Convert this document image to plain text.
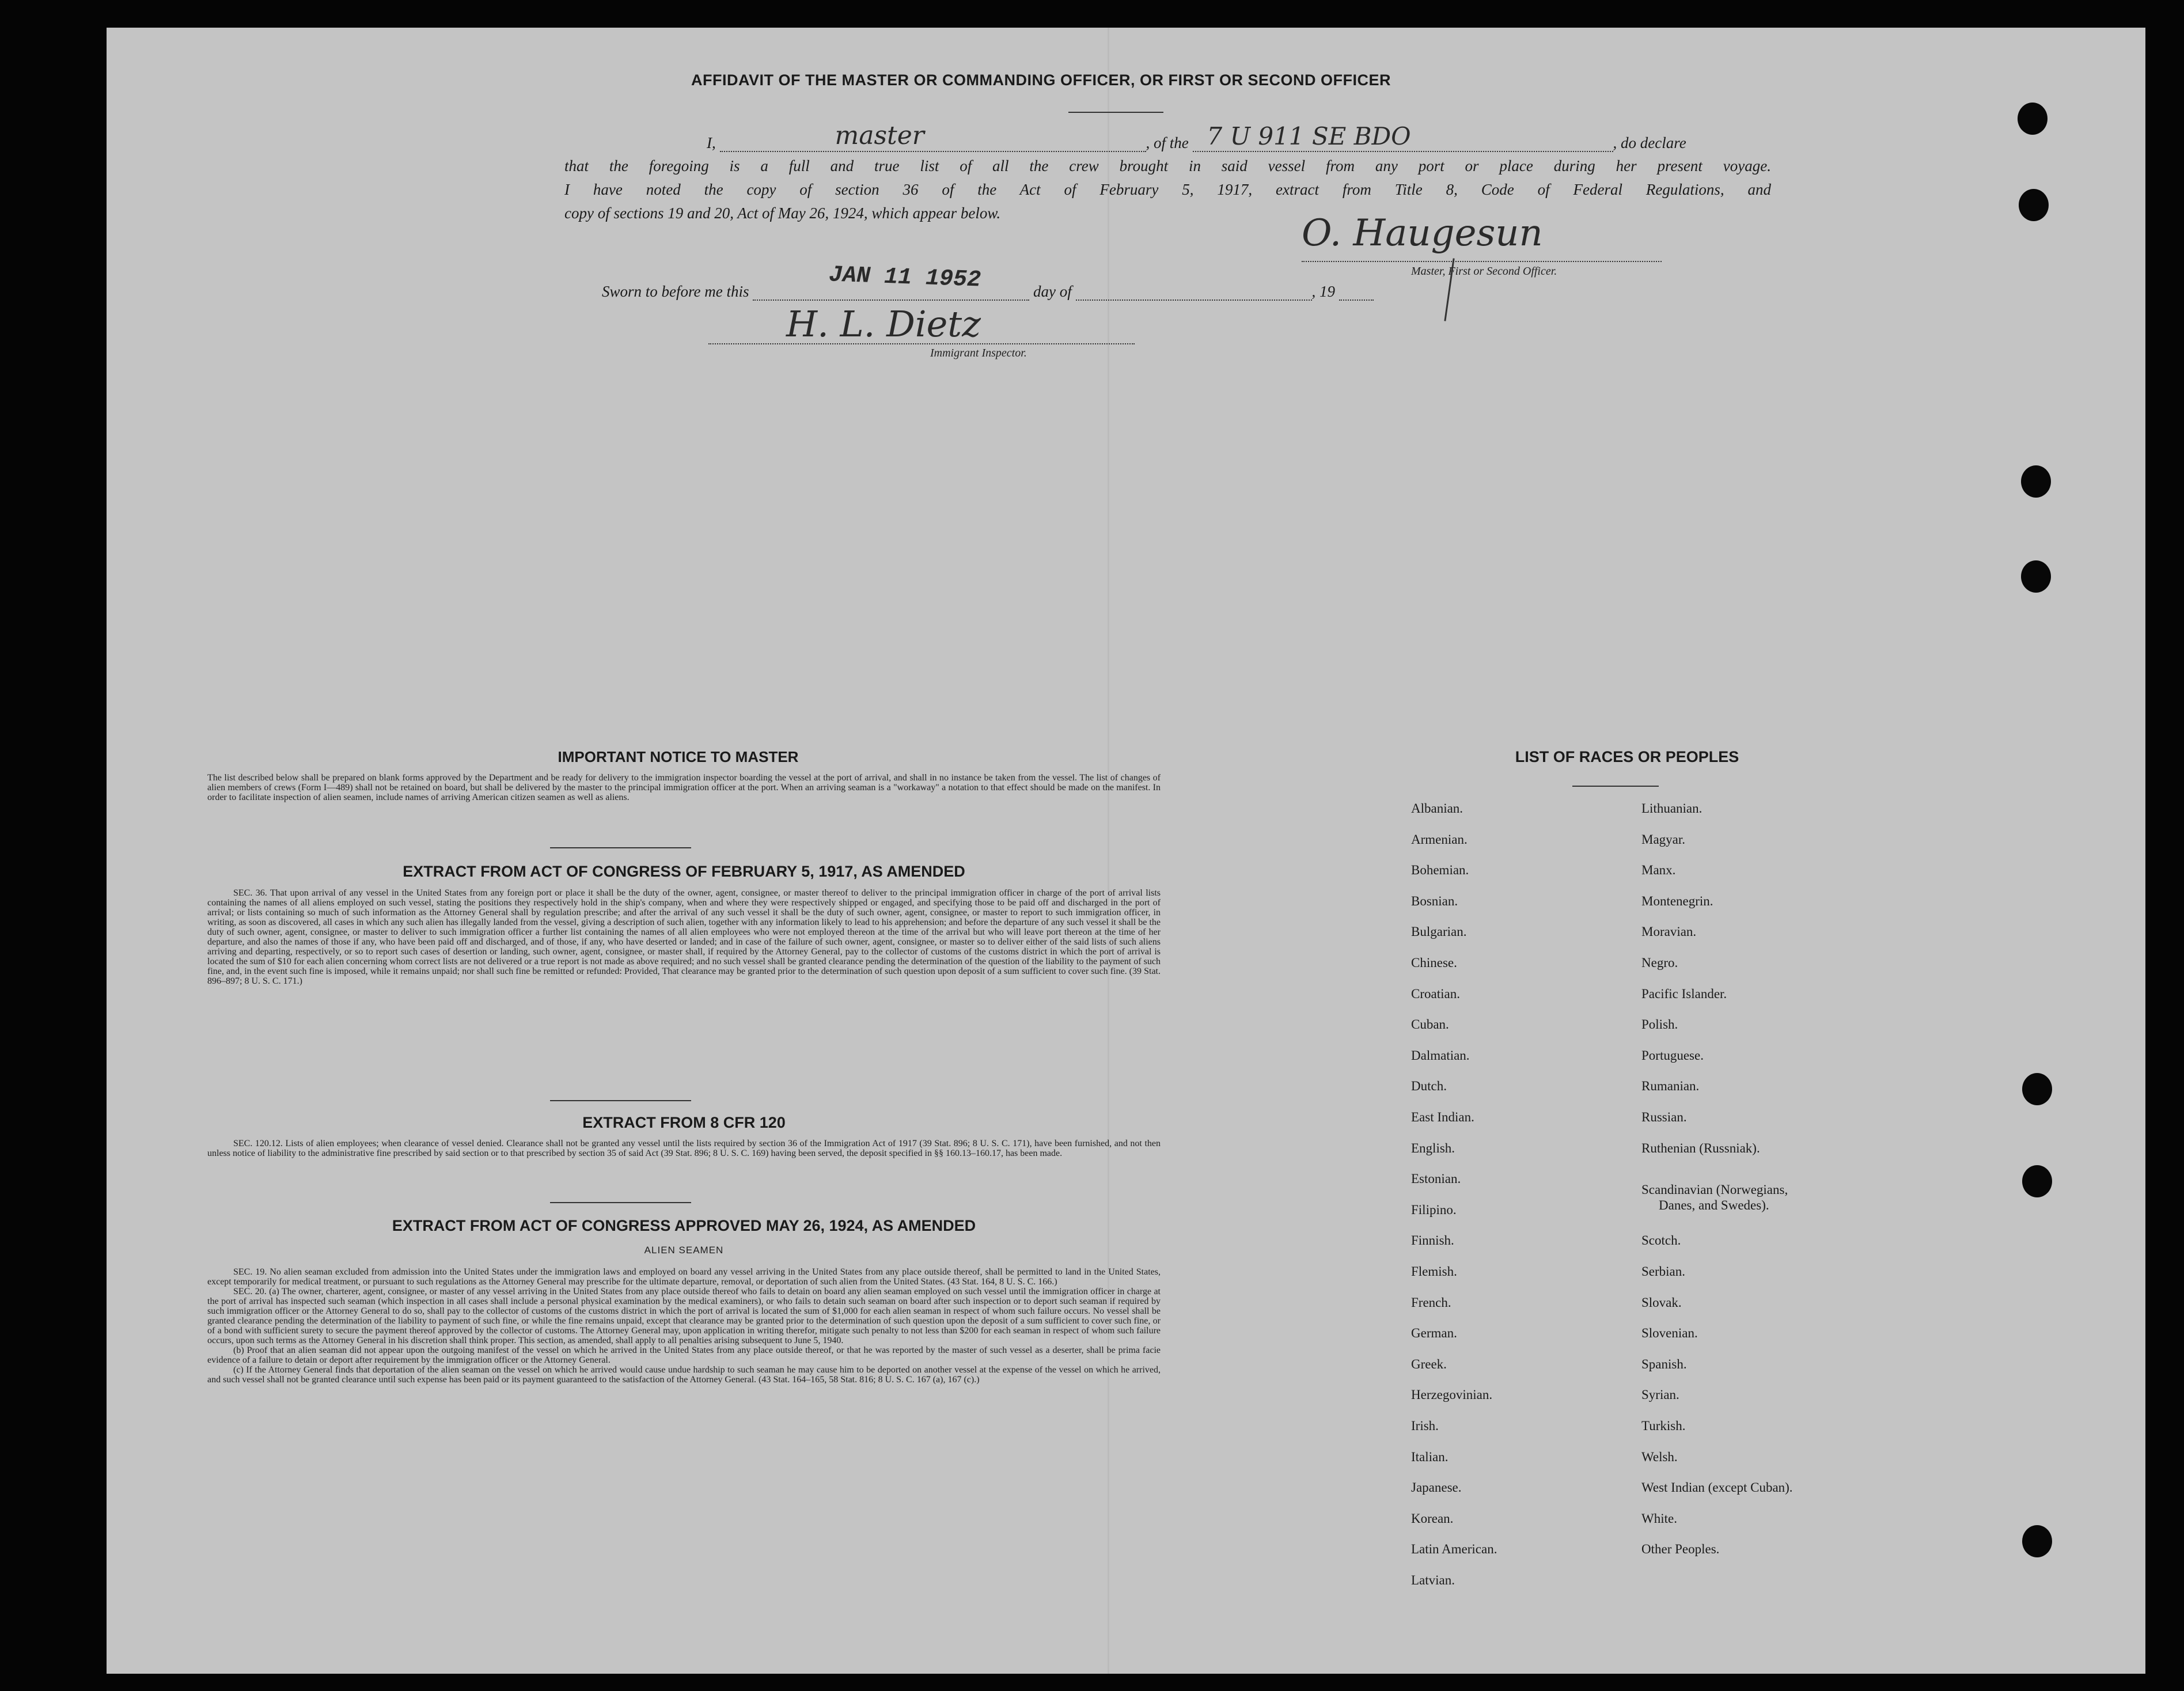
AFFIDAVIT OF THE MASTER OR COMMANDING OFFICER, OR FIRST OR SECOND OFFICER
I,	master	, of the 7 U 911 SE BDO	, do declare
that the foregoing is a full and true list of all the crew brought in said vessel from any port or place during her present voyage.
I have noted the copy of section 36 of the Act of February 5, 1917, extract from Title 8, Code of Federal Regulations, and
copy of sections 19 and 20, Act of May 26, 1924, which appear below.	O. Haugesun
Master, First or Second Officer.
Sworn to before me this	JAN 11 1952	day of	, 19
H. L. Dietz
Immigrant Inspector.
IMPORTANT NOTICE TO MASTER
The list described below shall be prepared on blank forms approved by the Department and be ready for delivery to the immigration inspector boarding the vessel at the port of arrival, and shall in no instance be taken from the vessel. The list of changes of alien members of crews (Form I—489) shall not be retained on board, but shall be delivered by the master to the principal immigration officer at the port. When an arriving seaman is a "workaway" a notation to that effect should be made on the manifest. In order to facilitate inspection of alien seamen, include names of arriving American citizen seamen as well as aliens.
EXTRACT FROM ACT OF CONGRESS OF FEBRUARY 5, 1917, AS AMENDED
SEC. 36. That upon arrival of any vessel in the United States from any foreign port or place it shall be the duty of the owner, agent, consignee, or master thereof to deliver to the principal immigration officer in charge of the port of arrival lists containing the names of all aliens employed on such vessel, stating the positions they respectively hold in the ship's company, when and where they were respectively shipped or engaged, and specifying those to be paid off and discharged in the port of arrival; or lists containing so much of such information as the Attorney General shall by regulation prescribe; and after the arrival of any such vessel it shall be the duty of such owner, agent, consignee, or master to report to such immigration officer, in writing, as soon as discovered, all cases in which any such alien has illegally landed from the vessel, giving a description of such alien, together with any information likely to lead to his apprehension; and before the departure of any such vessel it shall be the duty of such owner, agent, consignee, or master to deliver to such immigration officer a further list containing the names of all alien employees who were not employed thereon at the time of the arrival but who will leave port thereon at the time of her departure, and also the names of those if any, who have been paid off and discharged, and of those, if any, who have deserted or landed; and in case of the failure of such owner, agent, consignee, or master so to deliver either of the said lists of such aliens arriving and departing, respectively, or so to report such cases of desertion or landing, such owner, agent, consignee, or master shall, if required by the Attorney General, pay to the collector of customs of the customs district in which the port of arrival is located the sum of $10 for each alien concerning whom correct lists are not delivered or a true report is not made as above required; and no such vessel shall be granted clearance pending the determination of the question of the liability to the payment of such fine, and, in the event such fine is imposed, while it remains unpaid; nor shall such fine be remitted or refunded: Provided, That clearance may be granted prior to the determination of such question upon deposit of a sum sufficient to cover such fine. (39 Stat. 896–897; 8 U. S. C. 171.)
EXTRACT FROM 8 CFR 120
SEC. 120.12. Lists of alien employees; when clearance of vessel denied. Clearance shall not be granted any vessel until the lists required by section 36 of the Immigration Act of 1917 (39 Stat. 896; 8 U. S. C. 171), have been furnished, and not then unless notice of liability to the administrative fine prescribed by said section or to that prescribed by section 35 of said Act (39 Stat. 896; 8 U. S. C. 169) having been served, the deposit specified in §§ 160.13–160.17, has been made.
EXTRACT FROM ACT OF CONGRESS APPROVED MAY 26, 1924, AS AMENDED
ALIEN SEAMEN
SEC. 19. No alien seaman excluded from admission into the United States under the immigration laws and employed on board any vessel arriving in the United States from any place outside thereof, shall be permitted to land in the United States, except temporarily for medical treatment, or pursuant to such regulations as the Attorney General may prescribe for the ultimate departure, removal, or deportation of such alien from the United States. (43 Stat. 164, 8 U. S. C. 166.)
SEC. 20. (a) The owner, charterer, agent, consignee, or master of any vessel arriving in the United States from any place outside thereof who fails to detain on board any alien seaman employed on such vessel until the immigration officer in charge at the port of arrival has inspected such seaman (which inspection in all cases shall include a personal physical examination by the medical examiners), or who fails to detain such seaman on board after such inspection or to deport such seaman if required by such immigration officer or the Attorney General to do so, shall pay to the collector of customs of the customs district in which the port of arrival is located the sum of $1,000 for each alien seaman in respect of whom such failure occurs. No vessel shall be granted clearance pending the determination of the liability to payment of such fine, or while the fine remains unpaid, except that clearance may be granted prior to the determination of such question upon the deposit of a sum sufficient to cover such fine, or of a bond with sufficient surety to secure the payment thereof approved by the collector of customs. The Attorney General may, upon application in writing therefor, mitigate such penalty to not less than $200 for each seaman in respect of whom such failure occurs, upon such terms as the Attorney General in his discretion shall think proper. This section, as amended, shall apply to all penalties arising subsequent to June 5, 1940.
(b) Proof that an alien seaman did not appear upon the outgoing manifest of the vessel on which he arrived in the United States from any place outside thereof, or that he was reported by the master of such vessel as a deserter, shall be prima facie evidence of a failure to detain or deport after requirement by the immigration officer or the Attorney General.
(c) If the Attorney General finds that deportation of the alien seaman on the vessel on which he arrived would cause undue hardship to such seaman he may cause him to be deported on another vessel at the expense of the vessel on which he arrived, and such vessel shall not be granted clearance until such expense has been paid or its payment guaranteed to the satisfaction of the Attorney General. (43 Stat. 164–165, 58 Stat. 816; 8 U. S. C. 167 (a), 167 (c).)
LIST OF RACES OR PEOPLES
Albanian.
Armenian.
Bohemian.
Bosnian.
Bulgarian.
Chinese.
Croatian.
Cuban.
Dalmatian.
Dutch.
East Indian.
English.
Estonian.
Filipino.
Finnish.
Flemish.
French.
German.
Greek.
Herzegovinian.
Irish.
Italian.
Japanese.
Korean.
Latin American.
Latvian.
Lithuanian.
Magyar.
Manx.
Montenegrin.
Moravian.
Negro.
Pacific Islander.
Polish.
Portuguese.
Rumanian.
Russian.
Ruthenian (Russniak).
Scandinavian (Norwegians,
Danes, and Swedes).
Scotch.
Serbian.
Slovak.
Slovenian.
Spanish.
Syrian.
Turkish.
Welsh.
West Indian (except Cuban).
White.
Other Peoples.
